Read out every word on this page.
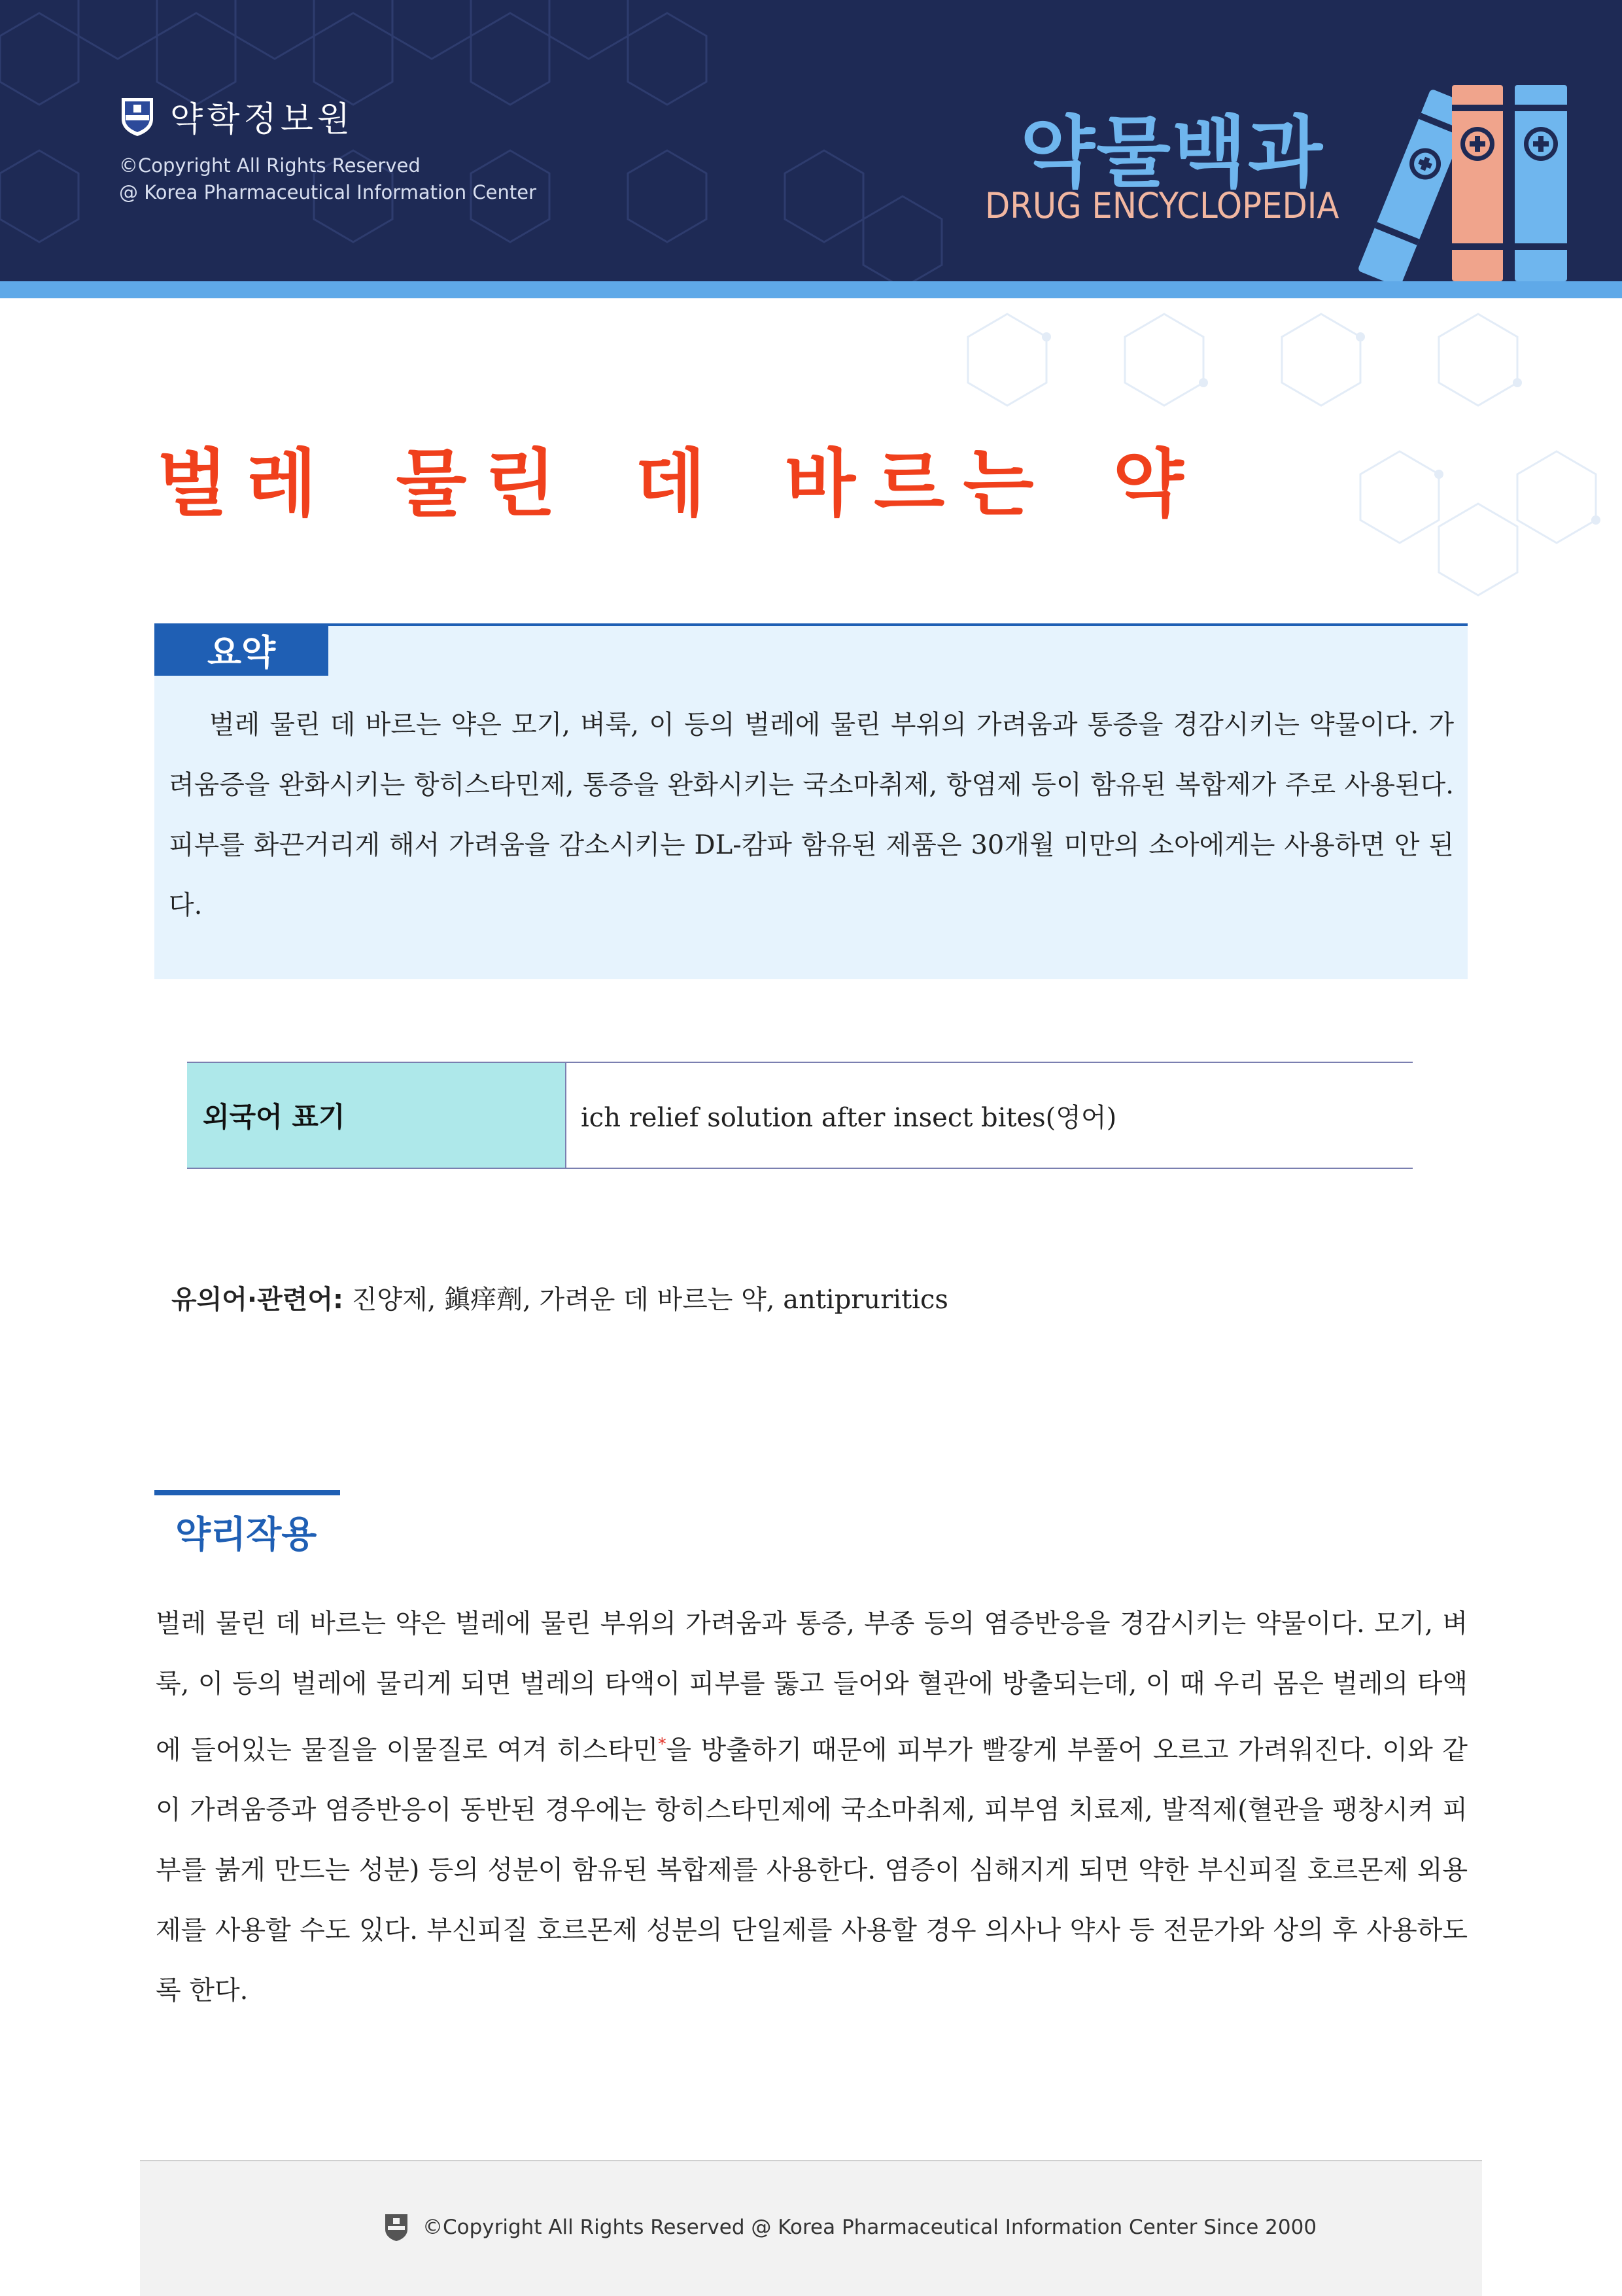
약학정보원
©Copyright All Rights Reserved
@ Korea Pharmaceutical Information Center	약물백과
DRUG ENCYCLOPEDIA
벌레 물린 데 바르는 약
요약
벌레 물린 데 바르는 약은 모기, 벼룩, 이 등의 벌레에 물린 부위의 가려움과 통증을 경감시키는 약물이다. 가려움증을 완화시키는 항히스타민제, 통증을 완화시키는 국소마취제, 항염제 등이 함유된 복합제가 주로 사용된다. 피부를 화끈거리게 해서 가려움을 감소시키는 DL-캄파 함유된 제품은 30개월 미만의 소아에게는 사용하면 안 된다.
외국어 표기	ich relief solution after insect bites(영어)
유의어·관련어: 진양제, 鎭痒劑, 가려운 데 바르는 약, antipruritics
약리작용
벌레 물린 데 바르는 약은 벌레에 물린 부위의 가려움과 통증, 부종 등의 염증반응을 경감시키는 약물이다. 모기, 벼룩, 이 등의 벌레에 물리게 되면 벌레의 타액이 피부를 뚫고 들어와 혈관에 방출되는데, 이 때 우리 몸은 벌레의 타액에 들어있는 물질을 이물질로 여겨 히스타민*을 방출하기 때문에 피부가 빨갛게 부풀어 오르고 가려워진다. 이와 같이 가려움증과 염증반응이 동반된 경우에는 항히스타민제에 국소마취제, 피부염 치료제, 발적제(혈관을 팽창시켜 피부를 붉게 만드는 성분) 등의 성분이 함유된 복합제를 사용한다. 염증이 심해지게 되면 약한 부신피질 호르몬제 외용제를 사용할 수도 있다. 부신피질 호르몬제 성분의 단일제를 사용할 경우 의사나 약사 등 전문가와 상의 후 사용하도록 한다.
©Copyright All Rights Reserved @ Korea Pharmaceutical Information Center Since 2000
